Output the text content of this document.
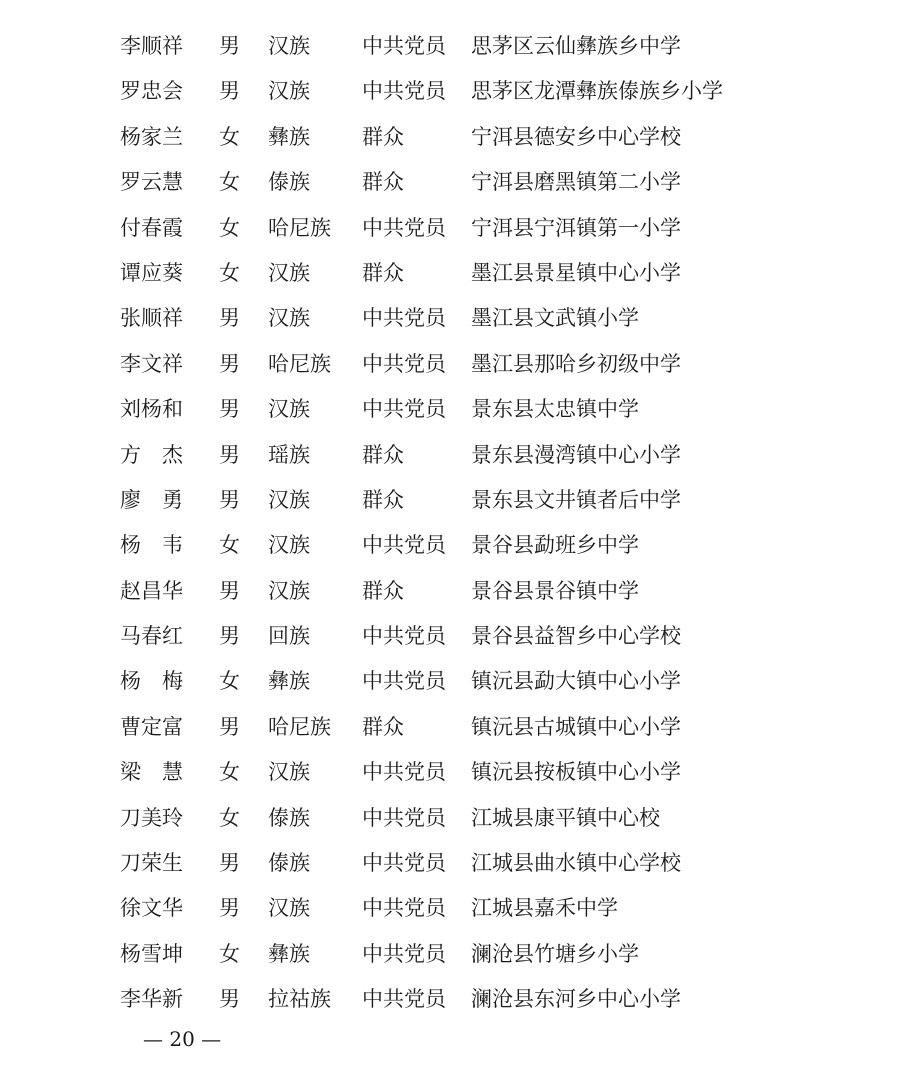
李顺祥 男 汉族 中共党员 思茅区云仙彝族乡中学
罗忠会 男 汉族 中共党员 思茅区龙潭彝族傣族乡小学
杨家兰 女 彝族 群众	宁洱县德安乡中心学校
罗云慧 女 傣族 群众	宁洱县磨黑镇第二小学
付春霞 女 哈尼族 中共党员 宁洱县宁洱镇第一小学
谭应葵 女 汉族 群众	墨江县景星镇中心小学
张顺祥 男 汉族 中共党员 墨江县文武镇小学
李文祥 男 哈尼族 中共党员 墨江县那哈乡初级中学
刘杨和 男 汉族 中共党员 景东县太忠镇中学
方　杰 男 瑶族 群众	景东县漫湾镇中心小学
廖　勇 男 汉族 群众	景东县文井镇者后中学
杨　韦 女 汉族 中共党员 景谷县勐班乡中学
赵昌华 男 汉族 群众	景谷县景谷镇中学
马春红 男 回族 中共党员 景谷县益智乡中心学校
杨　梅 女 彝族 中共党员 镇沅县勐大镇中心小学
曹定富 男 哈尼族 群众	镇沅县古城镇中心小学
梁　慧 女 汉族 中共党员 镇沅县按板镇中心小学
刀美玲 女 傣族 中共党员 江城县康平镇中心校
刀荣生 男 傣族 中共党员 江城县曲水镇中心学校
徐文华 男 汉族 中共党员 江城县嘉禾中学
杨雪坤 女 彝族 中共党员 澜沧县竹塘乡小学
李华新 男 拉祜族 中共党员 澜沧县东河乡中心小学
— 20 —
